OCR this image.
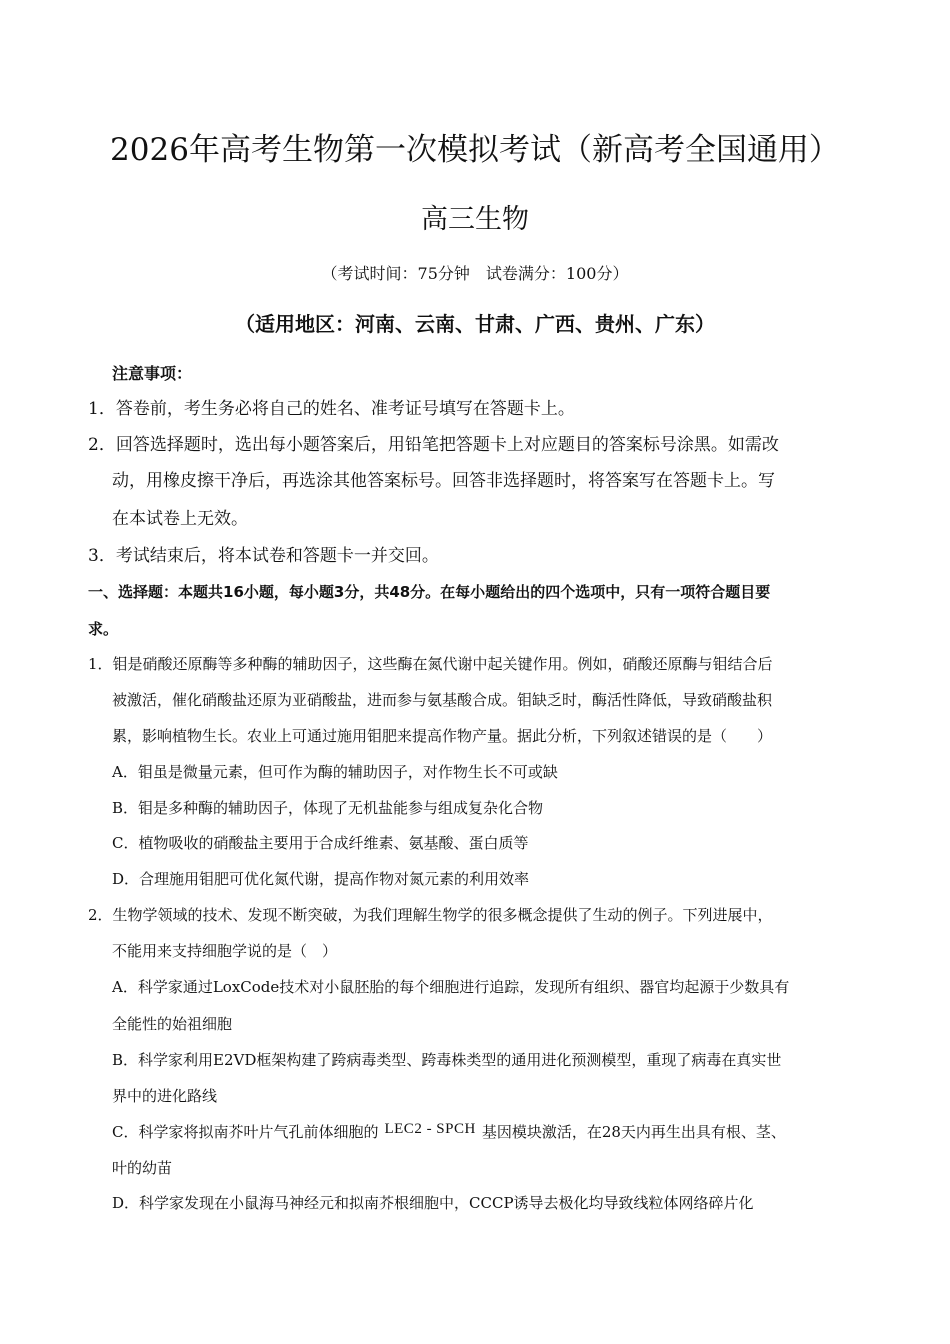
2026年高考生物第一次模拟考试（新高考全国通用）
高三生物
（考试时间：75分钟　试卷满分：100分）
（适用地区：河南、云南、甘肃、广西、贵州、广东）
注意事项：
1．答卷前，考生务必将自己的姓名、准考证号填写在答题卡上。
2．回答选择题时，选出每小题答案后，用铅笔把答题卡上对应题目的答案标号涂黑。如需改
动，用橡皮擦干净后，再选涂其他答案标号。回答非选择题时，将答案写在答题卡上。写
在本试卷上无效。
3．考试结束后，将本试卷和答题卡一并交回。
一、选择题：本题共16小题，每小题3分，共48分。在每小题给出的四个选项中，只有一项符合题目要
求。
1．钼是硝酸还原酶等多种酶的辅助因子，这些酶在氮代谢中起关键作用。例如，硝酸还原酶与钼结合后
被激活，催化硝酸盐还原为亚硝酸盐，进而参与氨基酸合成。钼缺乏时，酶活性降低，导致硝酸盐积
累，影响植物生长。农业上可通过施用钼肥来提高作物产量。据此分析，下列叙述错误的是（　　）
A．钼虽是微量元素，但可作为酶的辅助因子，对作物生长不可或缺
B．钼是多种酶的辅助因子，体现了无机盐能参与组成复杂化合物
C．植物吸收的硝酸盐主要用于合成纤维素、氨基酸、蛋白质等
D．合理施用钼肥可优化氮代谢，提高作物对氮元素的利用效率
2．生物学领域的技术、发现不断突破，为我们理解生物学的很多概念提供了生动的例子。下列进展中，
不能用来支持细胞学说的是（　）
A．科学家通过LoxCode技术对小鼠胚胎的每个细胞进行追踪，发现所有组织、器官均起源于少数具有
全能性的始祖细胞
B．科学家利用E2VD框架构建了跨病毒类型、跨毒株类型的通用进化预测模型，重现了病毒在真实世
界中的进化路线
C．科学家将拟南芥叶片气孔前体细胞的 LEC2 - SPCH 基因模块激活，在28天内再生出具有根、茎、
叶的幼苗
D．科学家发现在小鼠海马神经元和拟南芥根细胞中，CCCP诱导去极化均导致线粒体网络碎片化
